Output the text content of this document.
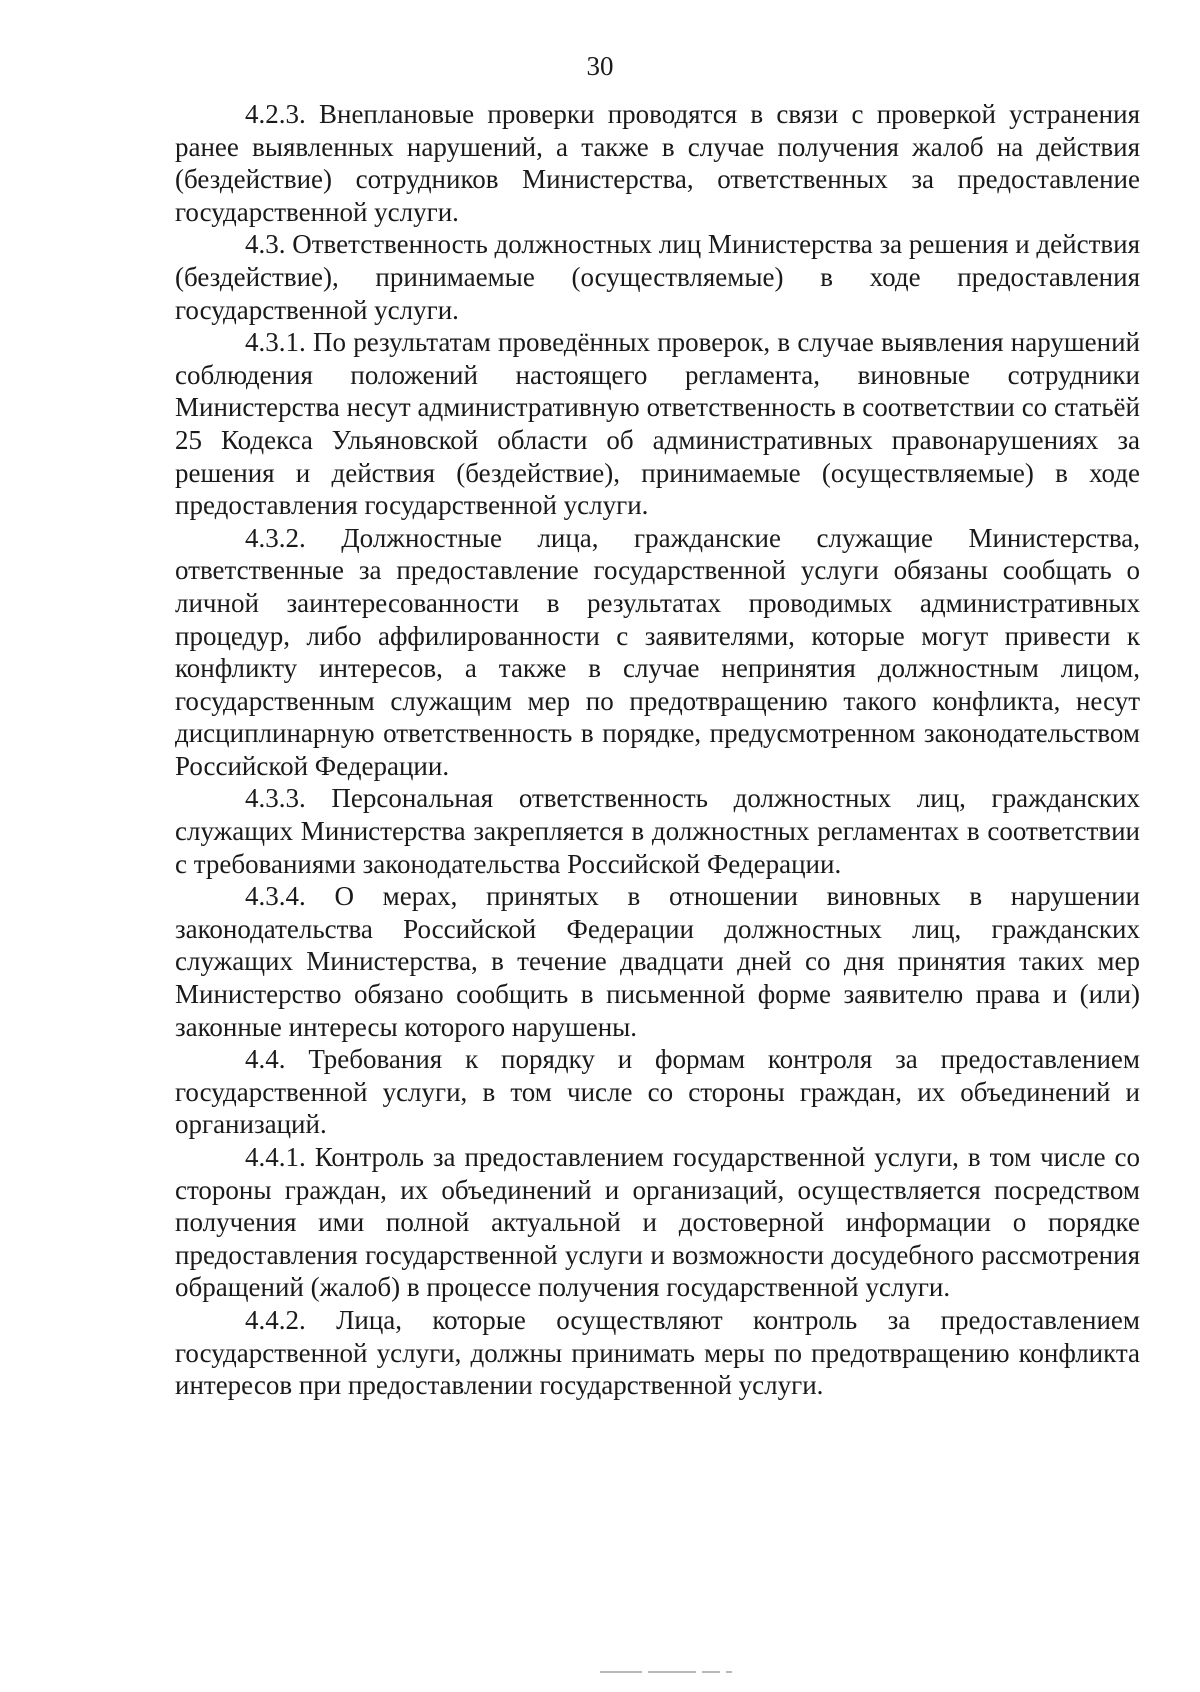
30

4.2.3. Внеплановые проверки проводятся в связи с проверкой устранения ранее выявленных нарушений, а также в случае получения жалоб на действия (бездействие) сотрудников Министерства, ответственных за предоставление государственной услуги.

4.3. Ответственность должностных лиц Министерства за решения и действия (бездействие), принимаемые (осуществляемые) в ходе предоставления государственной услуги.

4.3.1. По результатам проведённых проверок, в случае выявления нарушений соблюдения положений настоящего регламента, виновные сотрудники Министерства несут административную ответственность в соответствии со статьёй 25 Кодекса Ульяновской области об административных правонарушениях за решения и действия (бездействие), принимаемые (осуществляемые) в ходе предоставления государственной услуги.

4.3.2. Должностные лица, гражданские служащие Министерства, ответственные за предоставление государственной услуги обязаны сообщать о личной заинтересованности в результатах проводимых административных процедур, либо аффилированности с заявителями, которые могут привести к конфликту интересов, а также в случае непринятия должностным лицом, государственным служащим мер по предотвращению такого конфликта, несут дисциплинарную ответственность в порядке, предусмотренном законодательством Российской Федерации.

4.3.3. Персональная ответственность должностных лиц, гражданских служащих Министерства закрепляется в должностных регламентах в соответствии с требованиями законодательства Российской Федерации.

4.3.4. О мерах, принятых в отношении виновных в нарушении законодательства Российской Федерации должностных лиц, гражданских служащих Министерства, в течение двадцати дней со дня принятия таких мер Министерство обязано сообщить в письменной форме заявителю права и (или) законные интересы которого нарушены.

4.4. Требования к порядку и формам контроля за предоставлением государственной услуги, в том числе со стороны граждан, их объединений и организаций.

4.4.1. Контроль за предоставлением государственной услуги, в том числе со стороны граждан, их объединений и организаций, осуществляется посредством получения ими полной актуальной и достоверной информации о порядке предоставления государственной услуги и возможности досудебного рассмотрения обращений (жалоб) в процессе получения государственной услуги.

4.4.2. Лица, которые осуществляют контроль за предоставлением государственной услуги, должны принимать меры по предотвращению конфликта интересов при предоставлении государственной услуги.
